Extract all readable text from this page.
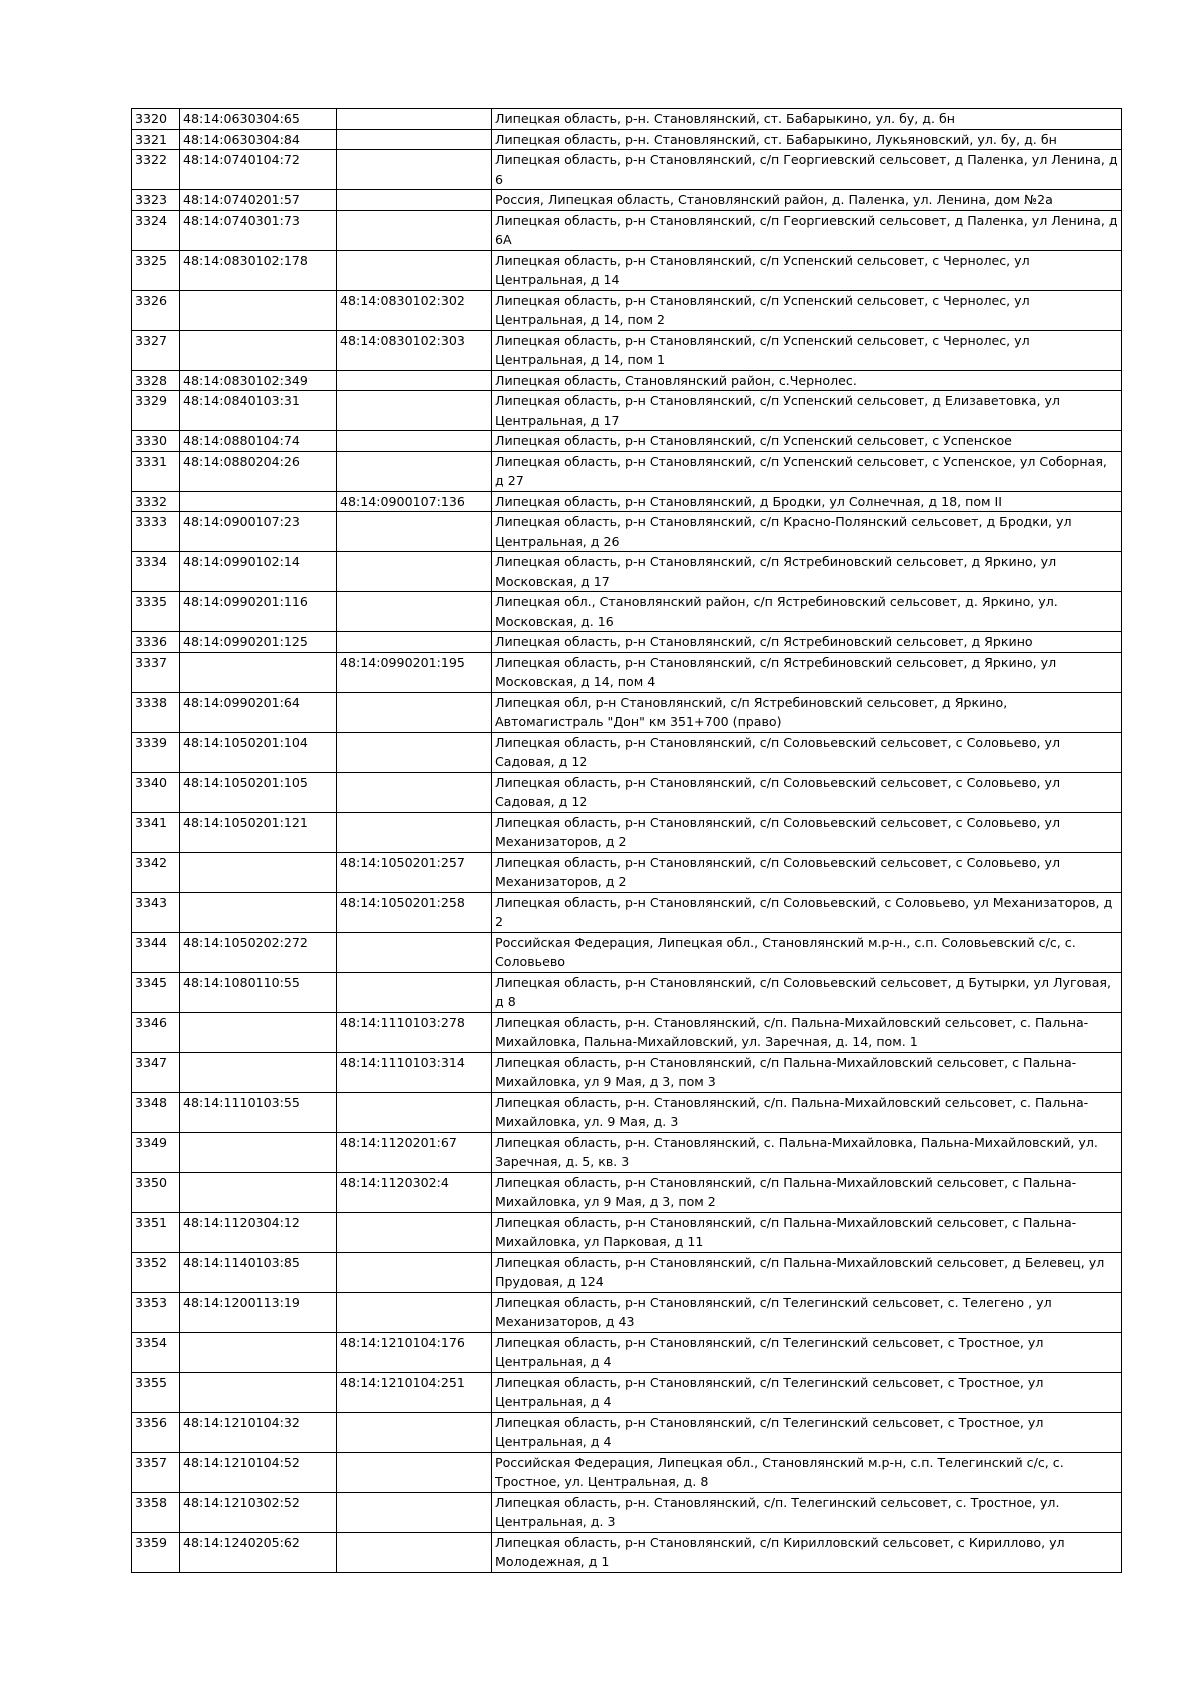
3320	48:14:0630304:65		Липецкая область, р-н. Становлянский, ст. Бабарыкино, ул. бу, д. бн
3321	48:14:0630304:84		Липецкая область, р-н. Становлянский, ст. Бабарыкино, Лукьяновский, ул. бу, д. бн
3322	48:14:0740104:72		Липецкая область, р-н Становлянский, с/п Георгиевский сельсовет, д Паленка, ул Ленина, д 6
3323	48:14:0740201:57		Россия, Липецкая область, Становлянский район, д. Паленка, ул. Ленина, дом №2а
3324	48:14:0740301:73		Липецкая область, р-н Становлянский, с/п Георгиевский сельсовет, д Паленка, ул Ленина, д 6А
3325	48:14:0830102:178		Липецкая область, р-н Становлянский, с/п Успенский сельсовет, с Чернолес, ул Центральная, д 14
3326		48:14:0830102:302	Липецкая область, р-н Становлянский, с/п Успенский сельсовет, с Чернолес, ул Центральная, д 14, пом 2
3327		48:14:0830102:303	Липецкая область, р-н Становлянский, с/п Успенский сельсовет, с Чернолес, ул Центральная, д 14, пом 1
3328	48:14:0830102:349		Липецкая область, Становлянский район, с.Чернолес.
3329	48:14:0840103:31		Липецкая область, р-н Становлянский, с/п Успенский сельсовет, д Елизаветовка, ул Центральная, д 17
3330	48:14:0880104:74		Липецкая область, р-н Становлянский, с/п Успенский сельсовет, с Успенское
3331	48:14:0880204:26		Липецкая область, р-н Становлянский, с/п Успенский сельсовет, с Успенское, ул Соборная, д 27
3332		48:14:0900107:136	Липецкая область, р-н Становлянский, д Бродки, ул Солнечная, д 18, пом II
3333	48:14:0900107:23		Липецкая область, р-н Становлянский, с/п Красно-Полянский сельсовет, д Бродки, ул Центральная, д 26
3334	48:14:0990102:14		Липецкая область, р-н Становлянский, с/п Ястребиновский сельсовет, д Яркино, ул Московская, д 17
3335	48:14:0990201:116		Липецкая обл., Становлянский район, с/п Ястребиновский сельсовет, д. Яркино, ул. Московская, д. 16
3336	48:14:0990201:125		Липецкая область, р-н Становлянский, с/п Ястребиновский сельсовет, д Яркино
3337		48:14:0990201:195	Липецкая область, р-н Становлянский, с/п Ястребиновский сельсовет, д Яркино, ул Московская, д 14, пом 4
3338	48:14:0990201:64		Липецкая обл, р-н Становлянский, с/п Ястребиновский сельсовет, д Яркино, Автомагистраль "Дон" км 351+700 (право)
3339	48:14:1050201:104		Липецкая область, р-н Становлянский, с/п Соловьевский сельсовет, с Соловьево, ул Садовая, д 12
3340	48:14:1050201:105		Липецкая область, р-н Становлянский, с/п Соловьевский сельсовет, с Соловьево, ул Садовая, д 12
3341	48:14:1050201:121		Липецкая область, р-н Становлянский, с/п Соловьевский сельсовет, с Соловьево, ул Механизаторов, д 2
3342		48:14:1050201:257	Липецкая область, р-н Становлянский, с/п Соловьевский сельсовет, с Соловьево, ул Механизаторов, д 2
3343		48:14:1050201:258	Липецкая область, р-н Становлянский, с/п Соловьевский, с Соловьево, ул Механизаторов, д 2
3344	48:14:1050202:272		Российская Федерация, Липецкая обл., Становлянский м.р-н., с.п. Соловьевский с/с, с. Соловьево
3345	48:14:1080110:55		Липецкая область, р-н Становлянский, с/п Соловьевский сельсовет, д Бутырки, ул Луговая, д 8
3346		48:14:1110103:278	Липецкая область, р-н. Становлянский, с/п. Пальна-Михайловский сельсовет, с. Пальна-Михайловка, Пальна-Михайловский, ул. Заречная, д. 14, пом. 1
3347		48:14:1110103:314	Липецкая область, р-н Становлянский, с/п Пальна-Михайловский сельсовет, с Пальна-Михайловка, ул 9 Мая, д 3, пом 3
3348	48:14:1110103:55		Липецкая область, р-н. Становлянский, с/п. Пальна-Михайловский сельсовет, с. Пальна-Михайловка, ул. 9 Мая, д. 3
3349		48:14:1120201:67	Липецкая область, р-н. Становлянский, с. Пальна-Михайловка, Пальна-Михайловский, ул. Заречная, д. 5, кв. 3
3350		48:14:1120302:4	Липецкая область, р-н Становлянский, с/п Пальна-Михайловский сельсовет, с Пальна-Михайловка, ул 9 Мая, д 3, пом 2
3351	48:14:1120304:12		Липецкая область, р-н Становлянский, с/п Пальна-Михайловский сельсовет, с Пальна-Михайловка, ул Парковая, д 11
3352	48:14:1140103:85		Липецкая область, р-н Становлянский, с/п Пальна-Михайловский сельсовет, д Белевец, ул Прудовая, д 124
3353	48:14:1200113:19		Липецкая область, р-н Становлянский, с/п Телегинский сельсовет, с. Телегено , ул Механизаторов, д 43
3354		48:14:1210104:176	Липецкая область, р-н Становлянский, с/п Телегинский сельсовет, с Тростное, ул Центральная, д 4
3355		48:14:1210104:251	Липецкая область, р-н Становлянский, с/п Телегинский сельсовет, с Тростное, ул Центральная, д 4
3356	48:14:1210104:32		Липецкая область, р-н Становлянский, с/п Телегинский сельсовет, с Тростное, ул Центральная, д 4
3357	48:14:1210104:52		Российская Федерация, Липецкая обл., Становлянский м.р-н, с.п. Телегинский с/с, с. Тростное, ул. Центральная, д. 8
3358	48:14:1210302:52		Липецкая область, р-н. Становлянский, с/п. Телегинский сельсовет, с. Тростное, ул. Центральная, д. 3
3359	48:14:1240205:62		Липецкая область, р-н Становлянский, с/п Кирилловский сельсовет, с Кириллово, ул Молодежная, д 1
